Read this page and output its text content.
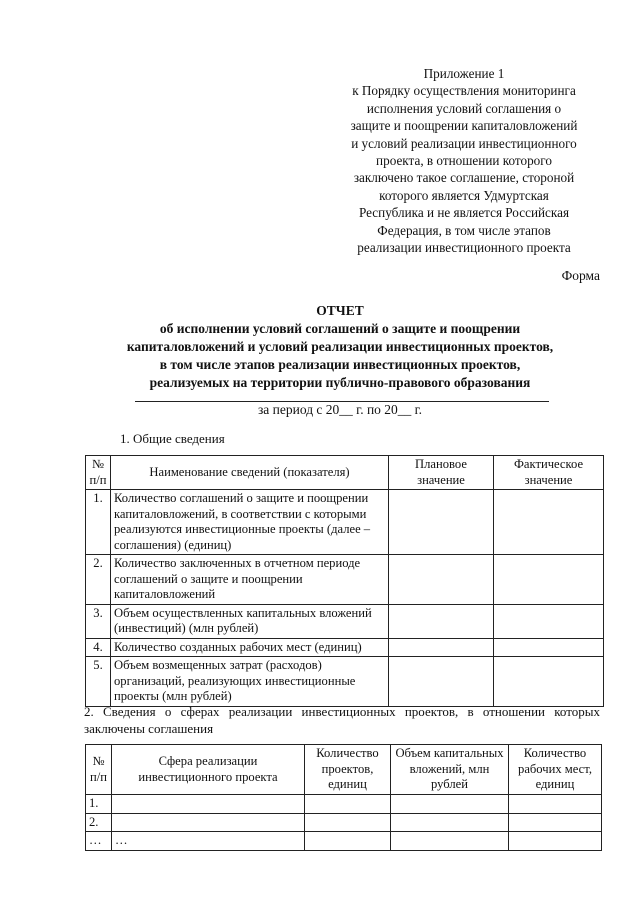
Приложение 1
к Порядку осуществления мониторинга
исполнения условий соглашения о
защите и поощрении капиталовложений
и условий реализации инвестиционного
проекта, в отношении которого
заключено такое соглашение, стороной
которого является Удмуртская
Республика и не является Российская
Федерация, в том числе этапов
реализации инвестиционного проекта
Форма
ОТЧЕТ
об исполнении условий соглашений о защите и поощрении
капиталовложений и условий реализации инвестиционных проектов,
в том числе этапов реализации инвестиционных проектов,
реализуемых на территории публично-правового образования
за период с 20__ г. по 20__ г.
1. Общие сведения
№ п/п	Наименование сведений (показателя)	Плановое значение	Фактическое значение
1.	Количество соглашений о защите и поощрении капиталовложений, в соответствии с которыми реализуются инвестиционные проекты (далее – соглашения) (единиц)		
2.	Количество заключенных в отчетном периоде соглашений о защите и поощрении капиталовложений		
3.	Объем осуществленных капитальных вложений (инвестиций) (млн рублей)		
4.	Количество созданных рабочих мест (единиц)		
5.	Объем возмещенных затрат (расходов) организаций, реализующих инвестиционные проекты (млн рублей)		
2. Сведения о сферах реализации инвестиционных проектов, в отношении которых заключены соглашения
№ п/п	Сфера реализации инвестиционного проекта	Количество проектов, единиц	Объем капитальных вложений, млн рублей	Количество рабочих мест, единиц
1.				
2.				
…	…			
